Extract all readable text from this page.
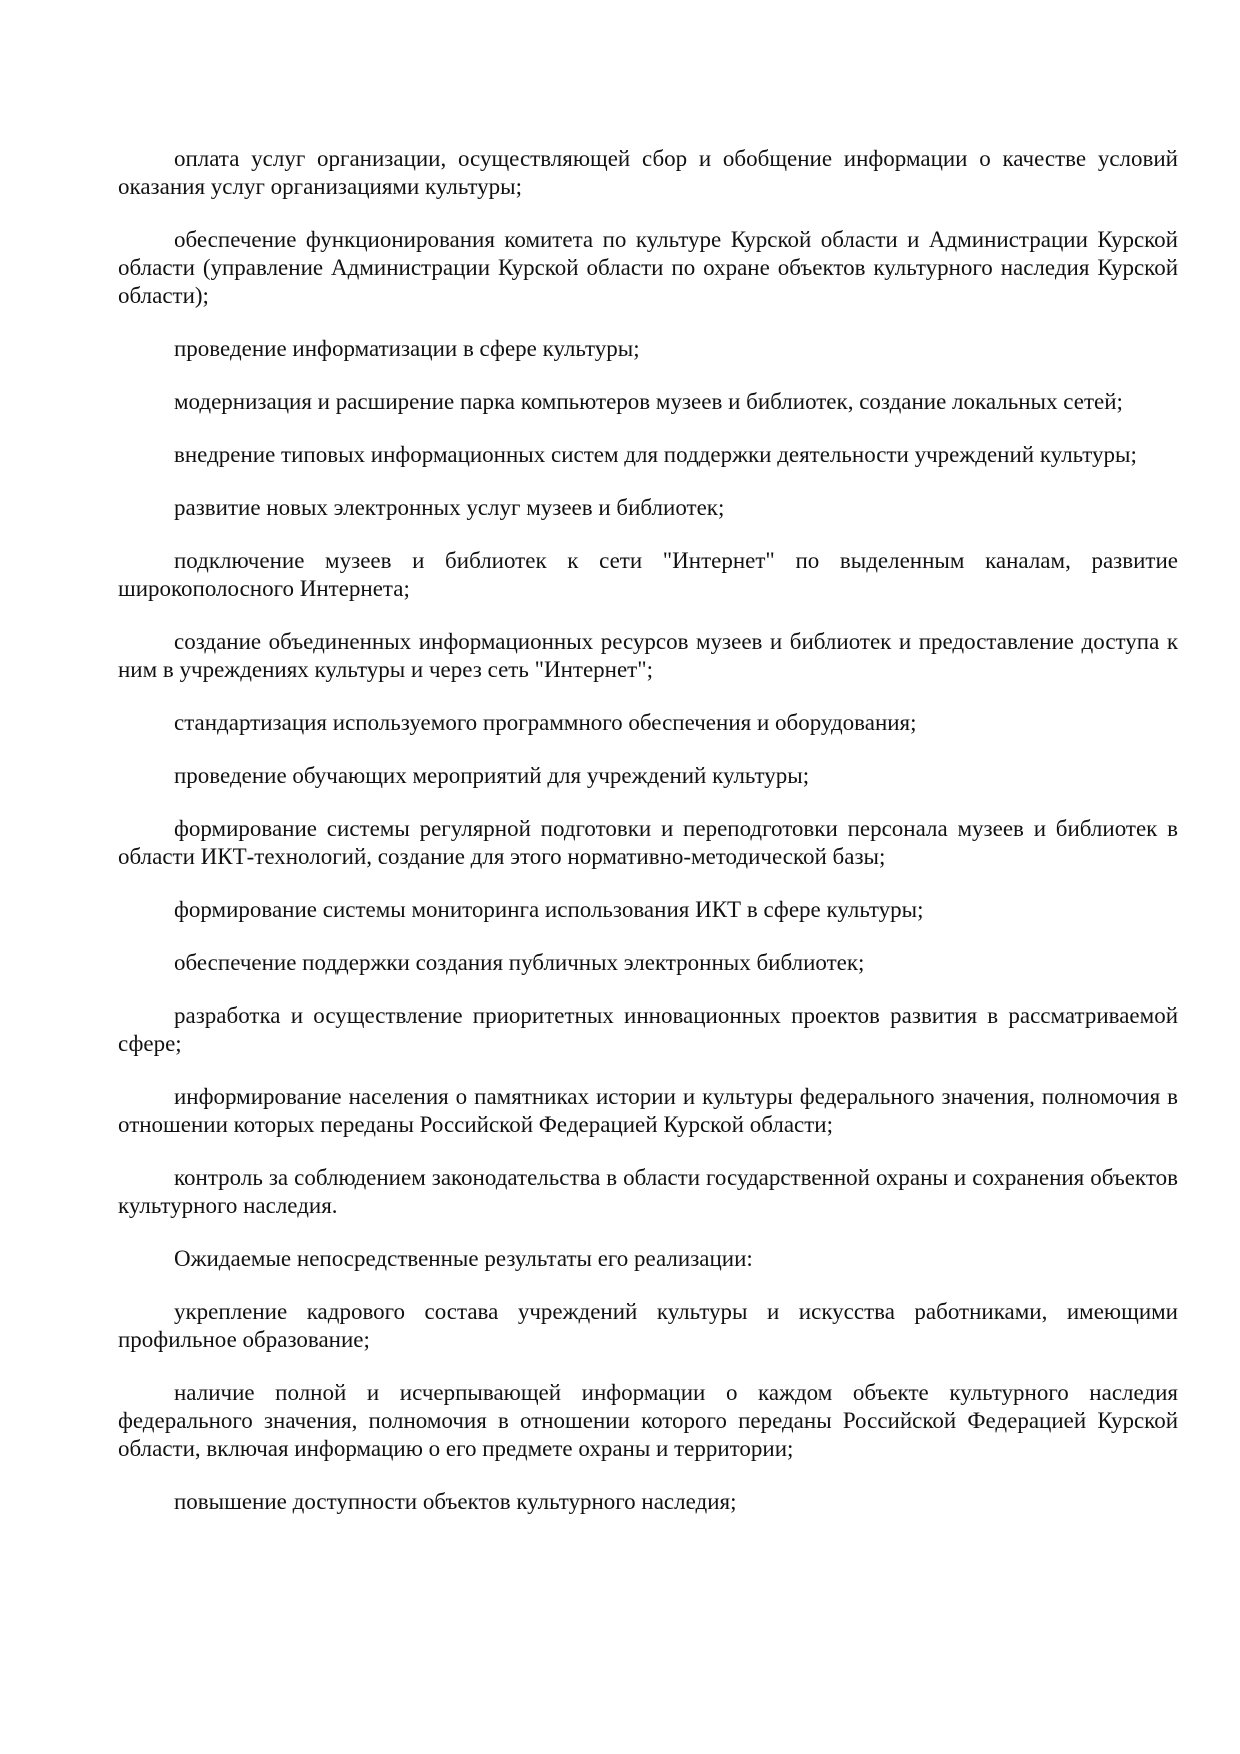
оплата услуг организации, осуществляющей сбор и обобщение информации о качестве условий оказания услуг организациями культуры;

обеспечение функционирования комитета по культуре Курской области и Администрации Курской области (управление Администрации Курской области по охране объектов культурного наследия Курской области);

проведение информатизации в сфере культуры;

модернизация и расширение парка компьютеров музеев и библиотек, создание локальных сетей;

внедрение типовых информационных систем для поддержки деятельности учреждений культуры;

развитие новых электронных услуг музеев и библиотек;

подключение музеев и библиотек к сети "Интернет" по выделенным каналам, развитие широкополосного Интернета;

создание объединенных информационных ресурсов музеев и библиотек и предоставление доступа к ним в учреждениях культуры и через сеть "Интернет";

стандартизация используемого программного обеспечения и оборудования;

проведение обучающих мероприятий для учреждений культуры;

формирование системы регулярной подготовки и переподготовки персонала музеев и библиотек в области ИКТ-технологий, создание для этого нормативно-методической базы;

формирование системы мониторинга использования ИКТ в сфере культуры;

обеспечение поддержки создания публичных электронных библиотек;

разработка и осуществление приоритетных инновационных проектов развития в рассматриваемой сфере;

информирование населения о памятниках истории и культуры федерального значения, полномочия в отношении которых переданы Российской Федерацией Курской области;

контроль за соблюдением законодательства в области государственной охраны и сохранения объектов культурного наследия.

Ожидаемые непосредственные результаты его реализации:

укрепление кадрового состава учреждений культуры и искусства работниками, имеющими профильное образование;

наличие полной и исчерпывающей информации о каждом объекте культурного наследия федерального значения, полномочия в отношении которого переданы Российской Федерацией Курской области, включая информацию о его предмете охраны и территории;

повышение доступности объектов культурного наследия;
